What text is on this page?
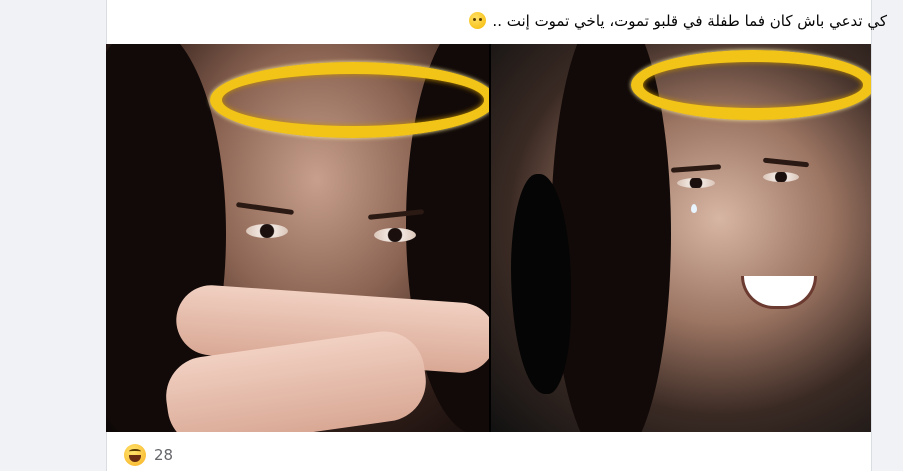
كي تدعي باش كان فما طفلة في قلبو تموت، ياخي تموت إنت ..
28
